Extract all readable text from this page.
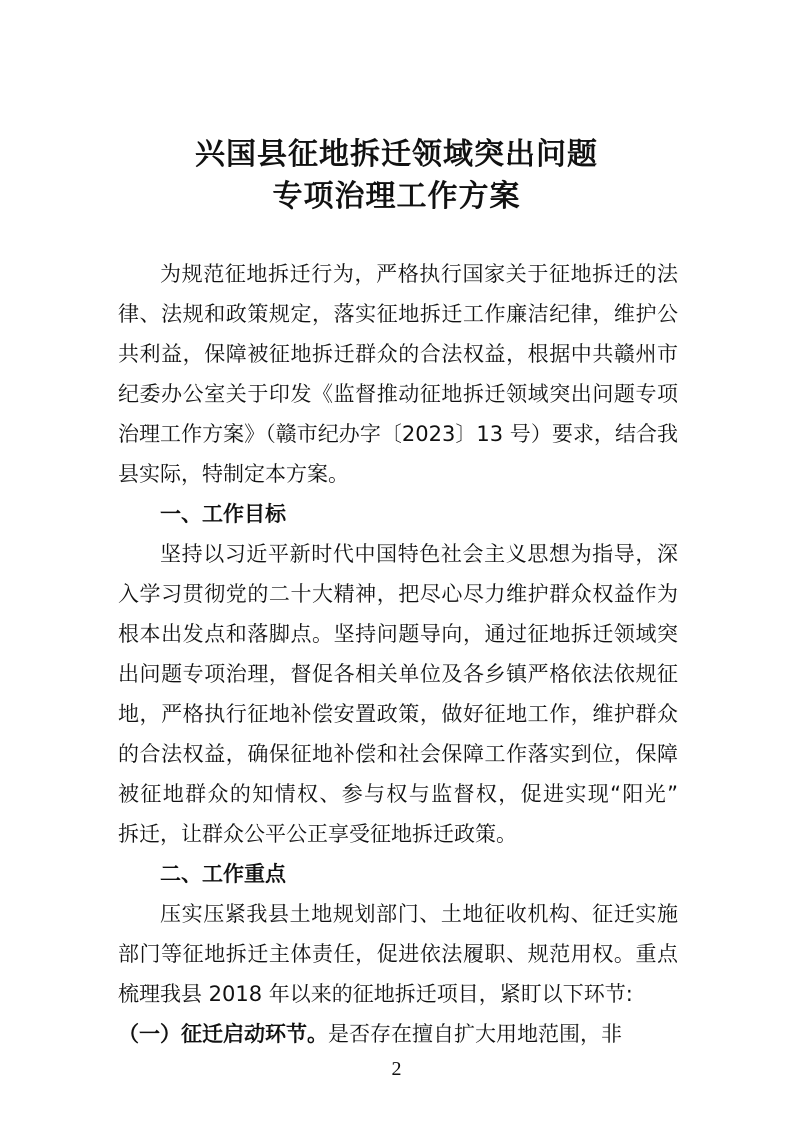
兴国县征地拆迁领域突出问题
专项治理工作方案
为规范征地拆迁行为，严格执行国家关于征地拆迁的法
律、法规和政策规定，落实征地拆迁工作廉洁纪律，维护公
共利益，保障被征地拆迁群众的合法权益，根据中共赣州市
纪委办公室关于印发《监督推动征地拆迁领域突出问题专项
治理工作方案》（赣市纪办字〔2023〕13 号）要求，结合我
县实际，特制定本方案。
一、工作目标
坚持以习近平新时代中国特色社会主义思想为指导，深
入学习贯彻党的二十大精神，把尽心尽力维护群众权益作为
根本出发点和落脚点。坚持问题导向，通过征地拆迁领域突
出问题专项治理，督促各相关单位及各乡镇严格依法依规征
地，严格执行征地补偿安置政策，做好征地工作，维护群众
的合法权益，确保征地补偿和社会保障工作落实到位，保障
被征地群众的知情权、参与权与监督权，促进实现“阳光”
拆迁，让群众公平公正享受征地拆迁政策。
二、工作重点
压实压紧我县土地规划部门、土地征收机构、征迁实施
部门等征地拆迁主体责任，促进依法履职、规范用权。重点
梳理我县 2018 年以来的征地拆迁项目，紧盯以下环节:
（一）征迁启动环节。是否存在擅自扩大用地范围，非
2
